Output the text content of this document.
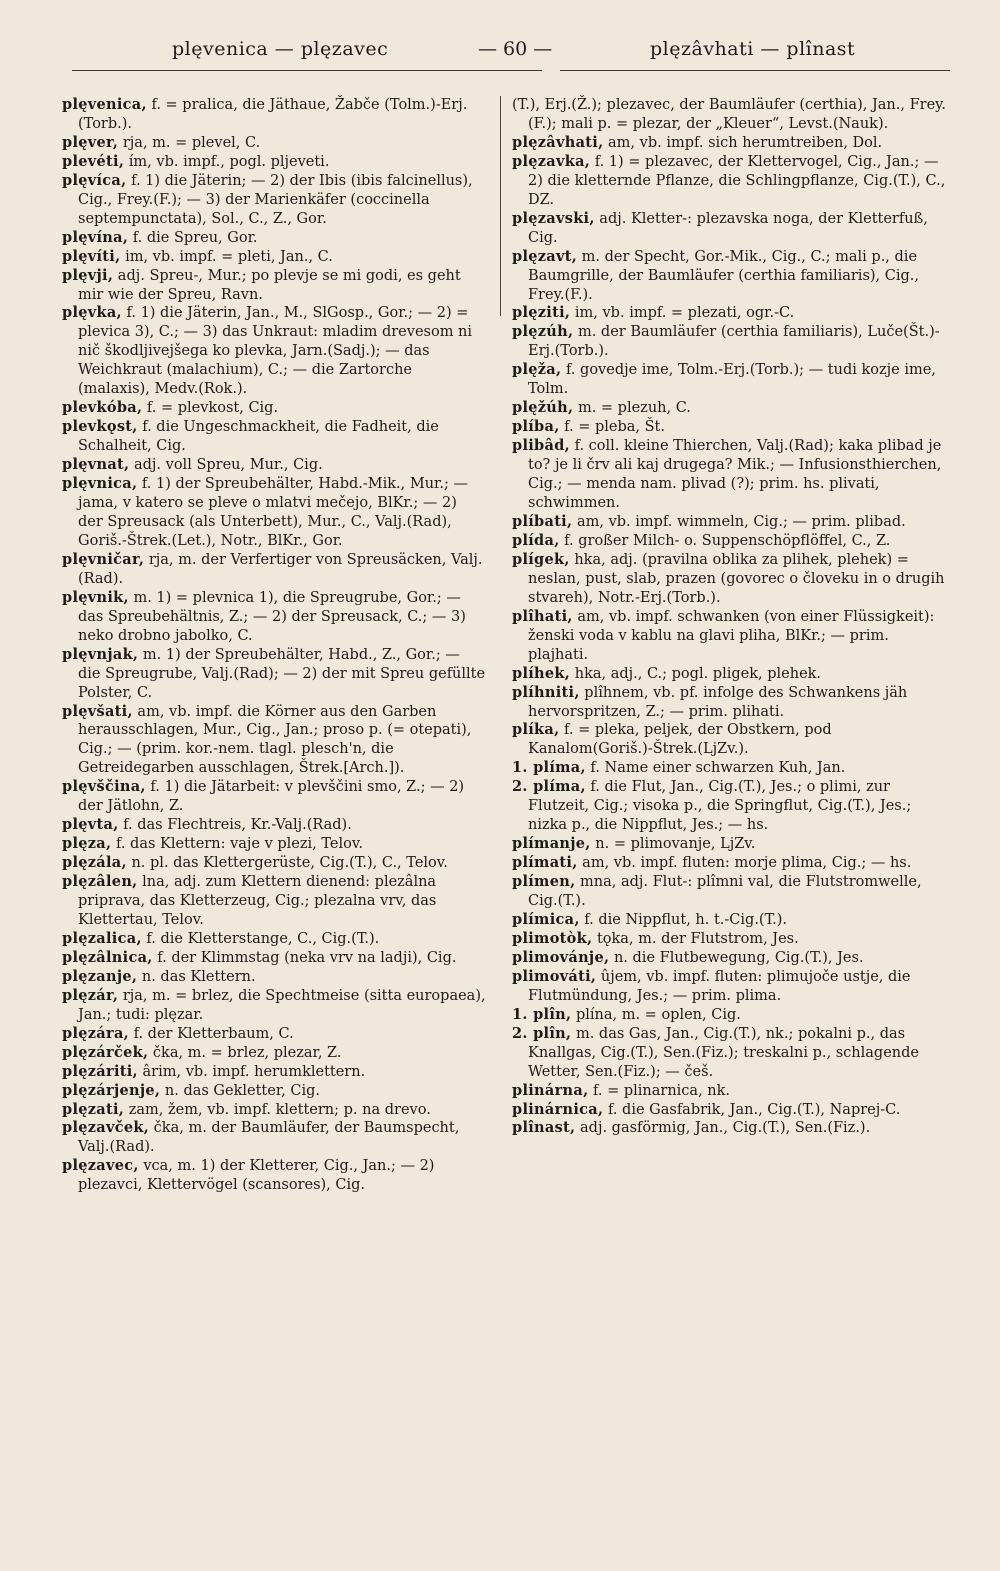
plęvenica — plęzavec	— 60 —	plęzâvhati — plînast

plęvenica, f. = pralica, die Jäthaue, Žabče (Tolm.)-Erj.(Torb.).

plęver, rja, m. = plevel, C.

plevéti, ím, vb. impf., pogl. pljeveti.

plęvíca, f. 1) die Jäterin; — 2) der Ibis (ibis falcinellus), Cig., Frey.(F.); — 3) der Marienkäfer (coccinella septempunctata), Sol., C., Z., Gor.

plęvína, f. die Spreu, Gor.

plęvíti, im, vb. impf. = pleti, Jan., C.

plęvji, adj. Spreu-, Mur.; po plevje se mi godi, es geht mir wie der Spreu, Ravn.

plęvka, f. 1) die Jäterin, Jan., M., SlGosp., Gor.; — 2) = plevica 3), C.; — 3) das Unkraut: mladim drevesom ni nič škodljivejšega ko plevka, Jarn.(Sadj.); — das Weichkraut (malachium), C.; — die Zartorche (malaxis), Medv.(Rok.).

plevkóba, f. = plevkost, Cig.

plevkǫst, f. die Ungeschmackheit, die Fadheit, die Schalheit, Cig.

plęvnat, adj. voll Spreu, Mur., Cig.

plęvnica, f. 1) der Spreubehälter, Habd.-Mik., Mur.; — jama, v katero se pleve o mlatvi mečejo, BlKr.; — 2) der Spreusack (als Unterbett), Mur., C., Valj.(Rad), Goriš.-Štrek.(Let.), Notr., BlKr., Gor.

plęvničar, rja, m. der Verfertiger von Spreusäcken, Valj.(Rad).

plęvnik, m. 1) = plevnica 1), die Spreugrube, Gor.; — das Spreubehältnis, Z.; — 2) der Spreusack, C.; — 3) neko drobno jabolko, C.

plęvnjak, m. 1) der Spreubehälter, Habd., Z., Gor.; — die Spreugrube, Valj.(Rad); — 2) der mit Spreu gefüllte Polster, C.

plęvšati, am, vb. impf. die Körner aus den Garben herausschlagen, Mur., Cig., Jan.; proso p. (= otepati), Cig.; — (prim. kor.-nem. tlagl. plesch'n, die Getreidegarben ausschlagen, Štrek.[Arch.]).

plęvščina, f. 1) die Jätarbeit: v plevščini smo, Z.; — 2) der Jätlohn, Z.

plęvta, f. das Flechtreis, Kr.-Valj.(Rad).

plęza, f. das Klettern: vaje v plezi, Telov.

plęzála, n. pl. das Klettergerüste, Cig.(T.), C., Telov.

plęzâlen, lna, adj. zum Klettern dienend: plezâlna priprava, das Kletterzeug, Cig.; plezalna vrv, das Klettertau, Telov.

plęzalica, f. die Kletterstange, C., Cig.(T.).

plęzâlnica, f. der Klimmstag (neka vrv na ladji), Cig.

plęzanje, n. das Klettern.

plęzár, rja, m. = brlez, die Spechtmeise (sitta europaea), Jan.; tudi: plęzar.

plęzára, f. der Kletterbaum, C.

plęzárček, čka, m. = brlez, plezar, Z.

plęzáriti, ârim, vb. impf. herumklettern.

plęzárjenje, n. das Gekletter, Cig.

plęzati, zam, žem, vb. impf. klettern; p. na drevo.

plęzavček, čka, m. der Baumläufer, der Baumspecht, Valj.(Rad).

plęzavec, vca, m. 1) der Kletterer, Cig., Jan.; — 2) plezavci, Klettervögel (scansores), Cig.

(T.), Erj.(Ž.); plezavec, der Baumläufer (certhia), Jan., Frey.(F.); mali p. = plezar, der „Kleuer“, Levst.(Nauk).

plęzâvhati, am, vb. impf. sich herumtreiben, Dol.

plęzavka, f. 1) = plezavec, der Klettervogel, Cig., Jan.; — 2) die kletternde Pflanze, die Schlingpflanze, Cig.(T.), C., DZ.

plęzavski, adj. Kletter-: plezavska noga, der Kletterfuß, Cig.

plęzavt, m. der Specht, Gor.-Mik., Cig., C.; mali p., die Baumgrille, der Baumläufer (certhia familiaris), Cig., Frey.(F.).

plęziti, im, vb. impf. = plezati, ogr.-C.

plęzúh, m. der Baumläufer (certhia familiaris), Luče(Št.)-Erj.(Torb.).

plęža, f. govedje ime, Tolm.-Erj.(Torb.); — tudi kozje ime, Tolm.

plęžúh, m. = plezuh, C.

plíba, f. = pleba, Št.

plibâd, f. coll. kleine Thierchen, Valj.(Rad); kaka plibad je to? je li črv ali kaj drugega? Mik.; — Infusionsthierchen, Cig.; — menda nam. plivad (?); prim. hs. plivati, schwimmen.

plíbati, am, vb. impf. wimmeln, Cig.; — prim. plibad.

plída, f. großer Milch- o. Suppenschöpflöffel, C., Z.

plígek, hka, adj. (pravilna oblika za plihek, plehek) = neslan, pust, slab, prazen (govorec o človeku in o drugih stvareh), Notr.-Erj.(Torb.).

plîhati, am, vb. impf. schwanken (von einer Flüssigkeit): ženski voda v kablu na glavi pliha, BlKr.; — prim. plajhati.

plíhek, hka, adj., C.; pogl. pligek, plehek.

plíhniti, plîhnem, vb. pf. infolge des Schwankens jäh hervorspritzen, Z.; — prim. plihati.

plíka, f. = pleka, peljek, der Obstkern, pod Kanalom(Goriš.)-Štrek.(LjZv.).

1. plíma, f. Name einer schwarzen Kuh, Jan.

2. plíma, f. die Flut, Jan., Cig.(T.), Jes.; o plimi, zur Flutzeit, Cig.; visoka p., die Springflut, Cig.(T.), Jes.; nizka p., die Nippflut, Jes.; — hs.

plímanje, n. = plimovanje, LjZv.

plímati, am, vb. impf. fluten: morje plima, Cig.; — hs.

plímen, mna, adj. Flut-: plîmni val, die Flutstromwelle, Cig.(T.).

plímica, f. die Nippflut, h. t.-Cig.(T.).

plimotòk, tǫka, m. der Flutstrom, Jes.

plimovánje, n. die Flutbewegung, Cig.(T.), Jes.

plimováti, ûjem, vb. impf. fluten: plimujoče ustje, die Flutmündung, Jes.; — prim. plima.

1. plîn, plína, m. = oplen, Cig.

2. plîn, m. das Gas, Jan., Cig.(T.), nk.; pokalni p., das Knallgas, Cig.(T.), Sen.(Fiz.); treskalni p., schlagende Wetter, Sen.(Fiz.); — češ.

plinárna, f. = plinarnica, nk.

plinárnica, f. die Gasfabrik, Jan., Cig.(T.), Naprej-C.

plînast, adj. gasförmig, Jan., Cig.(T.), Sen.(Fiz.).
